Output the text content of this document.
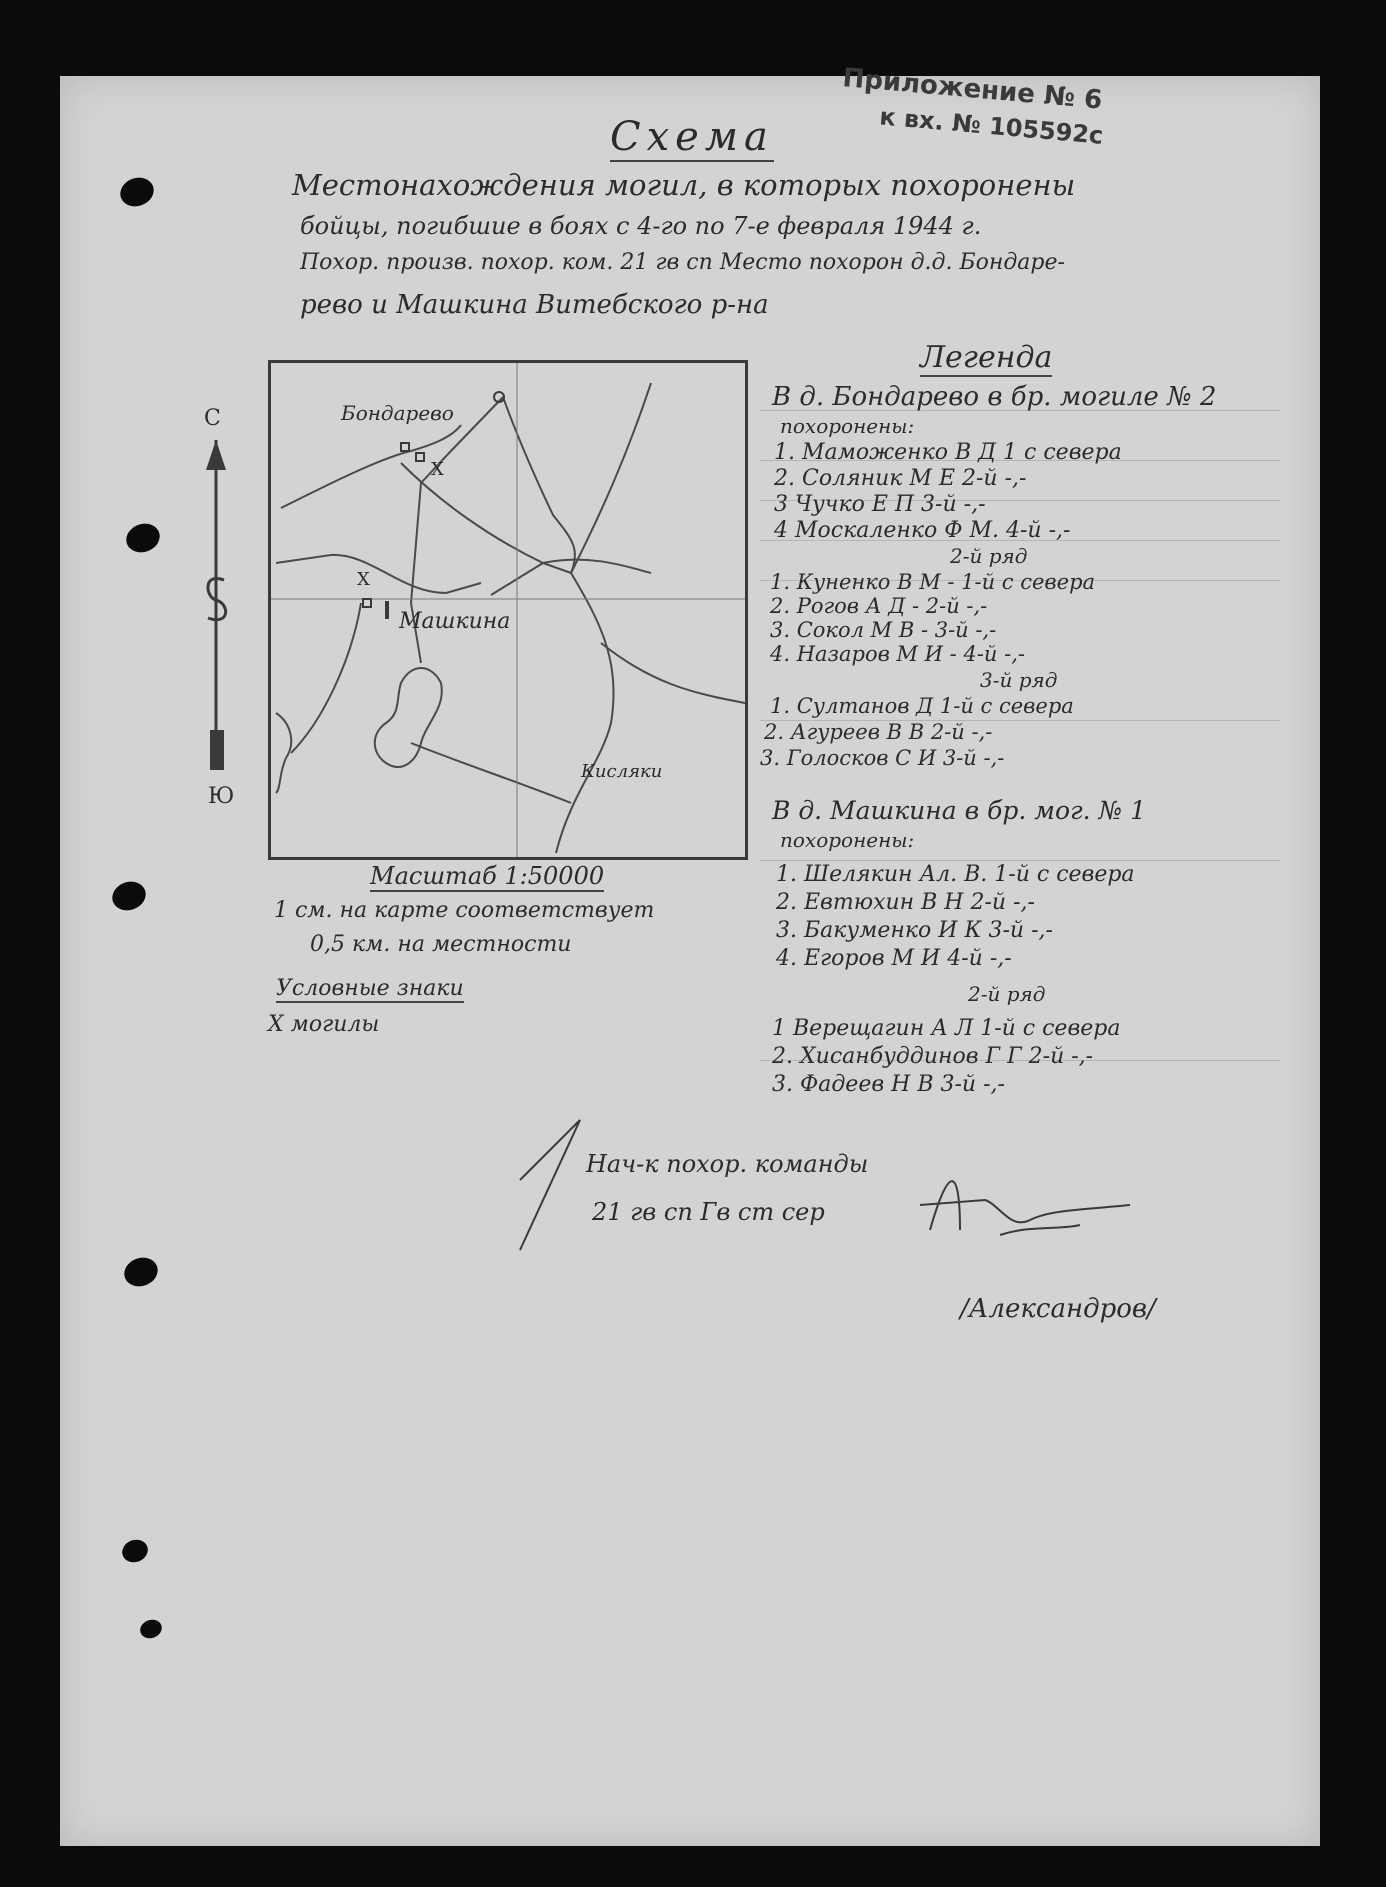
Приложение № 6
к вх. № 105592с
Схема
Местонахождения могил, в которых похоронены
бойцы, погибшие в боях с 4-го по 7-е февраля 1944 г.
Похор. произв. похор. ком. 21 гв сп Место похорон д.д. Бондаре-
рево и Машкина Витебского р-на
С
Ю
Бондарево
Х
Х
Машкина
Кисляки
Масштаб 1:50000
1 см. на карте соответствует
0,5 км. на местности
Условные знаки
Х могилы
Легенда
В д. Бондарево в бр. могиле № 2
похоронены:
1. Маможенко В Д 1 с севера
2. Соляник М Е 2-й -,-
3 Чучко Е П 3-й -,-
4 Москаленко Ф М. 4-й -,-
2-й ряд
1. Куненко В М - 1-й с севера
2. Рогов А Д - 2-й -,-
3. Сокол М В - 3-й -,-
4. Назаров М И - 4-й -,-
3-й ряд
1. Султанов Д 1-й с севера
2. Агуреев В В 2-й -,-
3. Голосков С И 3-й -,-
В д. Машкина в бр. мог. № 1
похоронены:
1. Шелякин Ал. В. 1-й с севера
2. Евтюхин В Н 2-й -,-
3. Бакуменко И К 3-й -,-
4. Егоров М И 4-й -,-
2-й ряд
1 Верещагин А Л 1-й с севера
2. Хисанбуддинов Г Г 2-й -,-
3. Фадеев Н В 3-й -,-
Нач-к похор. команды
21 гв сп Гв ст сер
/Александров/
